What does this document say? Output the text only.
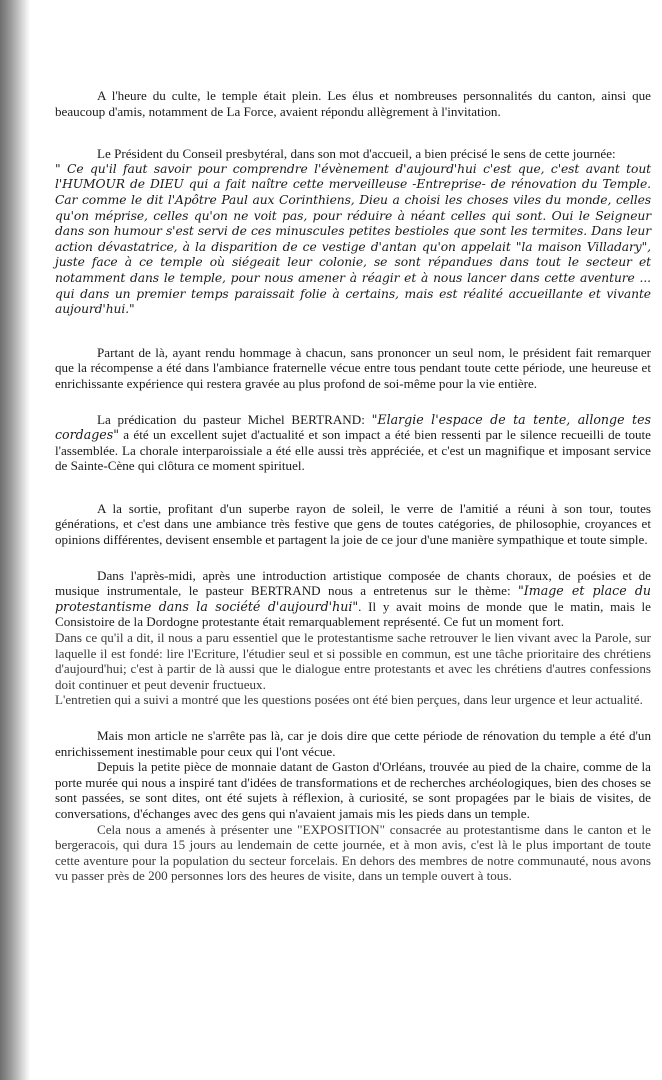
A l'heure du culte, le temple était plein. Les élus et nombreuses personnalités du canton, ainsi que beaucoup d'amis, notamment de La Force, avaient répondu allègrement à l'invitation.

Le Président du Conseil presbytéral, dans son mot d'accueil, a bien précisé le sens de cette journée:

" Ce qu'il faut savoir pour comprendre l'évènement d'aujourd'hui c'est que, c'est avant tout l'HUMOUR de DIEU qui a fait naître cette merveilleuse -Entreprise- de rénovation du Temple. Car comme le dit l'Apôtre Paul aux Corinthiens, Dieu a choisi les choses viles du monde, celles qu'on méprise, celles qu'on ne voit pas, pour réduire à néant celles qui sont. Oui le Seigneur dans son humour s'est servi de ces minuscules petites bestioles que sont les termites. Dans leur action dévastatrice, à la disparition de ce vestige d'antan qu'on appelait "la maison Villadary", juste face à ce temple où siégeait leur colonie, se sont répandues dans tout le secteur et notamment dans le temple, pour nous amener à réagir et à nous lancer dans cette aventure ... qui dans un premier temps paraissait folie à certains, mais est réalité accueillante et vivante aujourd'hui."

Partant de là, ayant rendu hommage à chacun, sans prononcer un seul nom, le président fait remarquer que la récompense a été dans l'ambiance fraternelle vécue entre tous pendant toute cette période, une heureuse et enrichissante expérience qui restera gravée au plus profond de soi-même pour la vie entière.

La prédication du pasteur Michel BERTRAND: "Elargie l'espace de ta tente, allonge tes cordages" a été un excellent sujet d'actualité et son impact a été bien ressenti par le silence recueilli de toute l'assemblée. La chorale interparoissiale a été elle aussi très appréciée, et c'est un magnifique et imposant service de Sainte-Cène qui clôtura ce moment spirituel.

A la sortie, profitant d'un superbe rayon de soleil, le verre de l'amitié a réuni à son tour, toutes générations, et c'est dans une ambiance très festive que gens de toutes catégories, de philosophie, croyances et opinions différentes, devisent ensemble et partagent la joie de ce jour d'une manière sympathique et toute simple.

Dans l'après-midi, après une introduction artistique composée de chants choraux, de poésies et de musique instrumentale, le pasteur BERTRAND nous a entretenus sur le thème: "Image et place du protestantisme dans la société d'aujourd'hui". Il y avait moins de monde que le matin, mais le Consistoire de la Dordogne protestante était remarquablement représenté. Ce fut un moment fort.

Dans ce qu'il a dit, il nous a paru essentiel que le protestantisme sache retrouver le lien vivant avec la Parole, sur laquelle il est fondé: lire l'Ecriture, l'étudier seul et si possible en commun, est une tâche prioritaire des chrétiens d'aujourd'hui; c'est à partir de là aussi que le dialogue entre protestants et avec les chrétiens d'autres confessions doit continuer et peut devenir fructueux.

L'entretien qui a suivi a montré que les questions posées ont été bien perçues, dans leur urgence et leur actualité.

Mais mon article ne s'arrête pas là, car je dois dire que cette période de rénovation du temple a été d'un enrichissement inestimable pour ceux qui l'ont vécue.

Depuis la petite pièce de monnaie datant de Gaston d'Orléans, trouvée au pied de la chaire, comme de la porte murée qui nous a inspiré tant d'idées de transformations et de recherches archéologiques, bien des choses se sont passées, se sont dites, ont été sujets à réflexion, à curiosité, se sont propagées par le biais de visites, de conversations, d'échanges avec des gens qui n'avaient jamais mis les pieds dans un temple.

Cela nous a amenés à présenter une "EXPOSITION" consacrée au protestantisme dans le canton et le bergeracois, qui dura 15 jours au lendemain de cette journée, et à mon avis, c'est là le plus important de toute cette aventure pour la population du secteur forcelais. En dehors des membres de notre communauté, nous avons vu passer près de 200 personnes lors des heures de visite, dans un temple ouvert à tous.
